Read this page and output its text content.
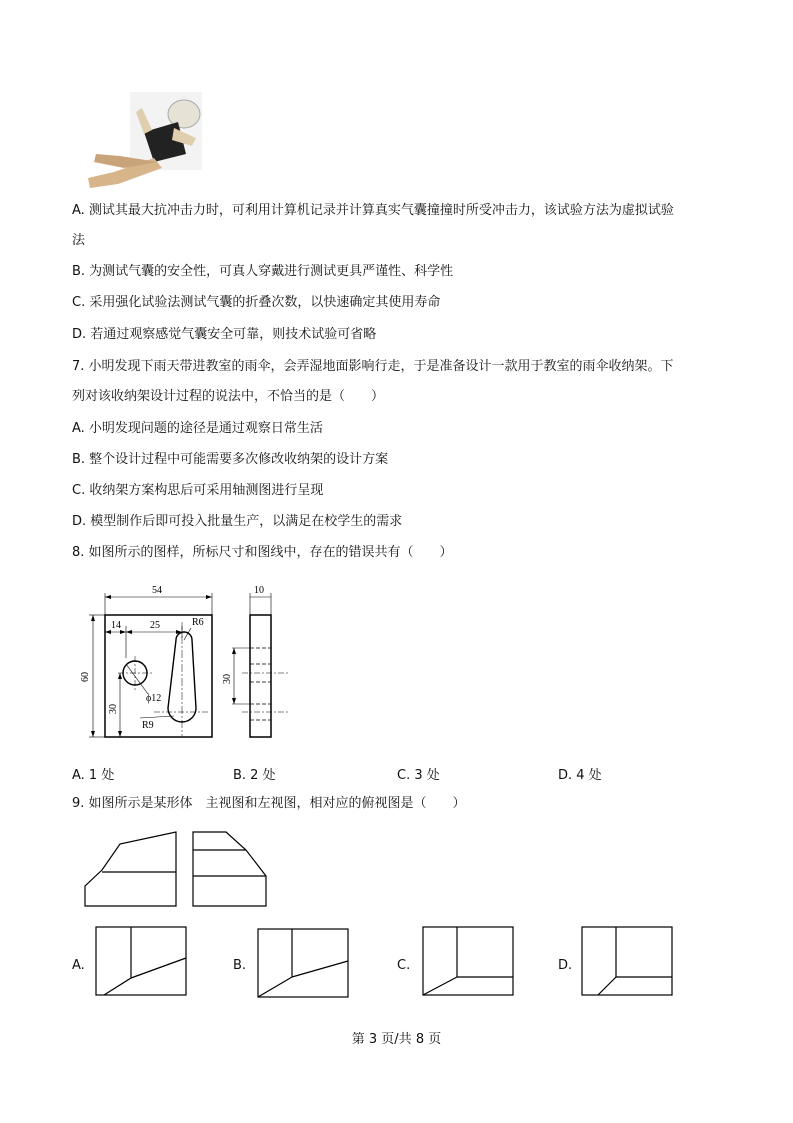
A. 测试其最大抗冲击力时，可利用计算机记录并计算真实气囊撞撞时所受冲击力，该试验方法为虚拟试验
法
B. 为测试气囊的安全性，可真人穿戴进行测试更具严谨性、科学性
C. 采用强化试验法测试气囊的折叠次数，以快速确定其使用寿命
D. 若通过观察感觉气囊安全可靠，则技术试验可省略
7. 小明发现下雨天带进教室的雨伞，会弄湿地面影响行走，于是准备设计一款用于教室的雨伞收纳架。下
列对该收纳架设计过程的说法中，不恰当的是（　　）
A. 小明发现问题的途径是通过观察日常生活
B. 整个设计过程中可能需要多次修改收纳架的设计方案
C. 收纳架方案构思后可采用轴测图进行呈现
D. 模型制作后即可投入批量生产，以满足在校学生的需求
8. 如图所示的图样，所标尺寸和图线中，存在的错误共有（　　）
54
14	25	R6
ϕ12
30
R9
60
10
30
A. 1 处	B. 2 处	C. 3 处	D. 4 处
9. 如图所示是某形体　主视图和左视图，相对应的俯视图是（　　）
A.	B.	C.	D.
第 3 页/共 8 页
